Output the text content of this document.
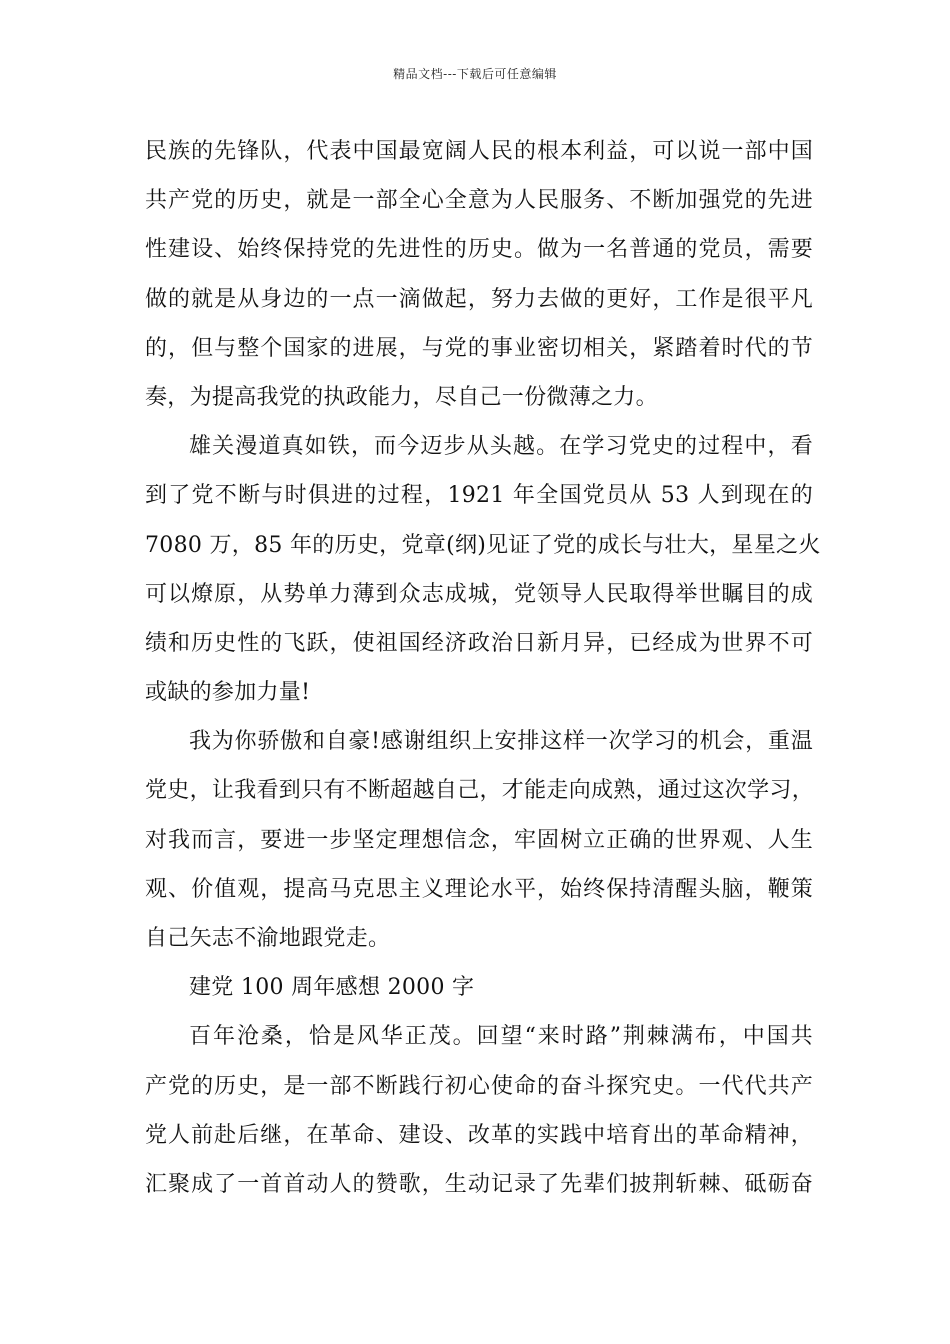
精品文档---下载后可任意编辑
民族的先锋队，代表中国最宽阔人民的根本利益，可以说一部中国
共产党的历史，就是一部全心全意为人民服务、不断加强党的先进
性建设、始终保持党的先进性的历史。做为一名普通的党员，需要
做的就是从身边的一点一滴做起，努力去做的更好，工作是很平凡
的，但与整个国家的进展，与党的事业密切相关，紧踏着时代的节
奏，为提高我党的执政能力，尽自己一份微薄之力。
雄关漫道真如铁，而今迈步从头越。在学习党史的过程中，看
到了党不断与时俱进的过程，1921 年全国党员从 53 人到现在的
7080 万，85 年的历史，党章(纲)见证了党的成长与壮大，星星之火
可以燎原，从势单力薄到众志成城，党领导人民取得举世瞩目的成
绩和历史性的飞跃，使祖国经济政治日新月异，已经成为世界不可
或缺的参加力量!
我为你骄傲和自豪!感谢组织上安排这样一次学习的机会，重温
党史，让我看到只有不断超越自己，才能走向成熟，通过这次学习，
对我而言，要进一步坚定理想信念，牢固树立正确的世界观、人生
观、价值观，提高马克思主义理论水平，始终保持清醒头脑，鞭策
自己矢志不渝地跟党走。
建党 100 周年感想 2000 字
百年沧桑，恰是风华正茂。回望“来时路”荆棘满布，中国共
产党的历史，是一部不断践行初心使命的奋斗探究史。一代代共产
党人前赴后继，在革命、建设、改革的实践中培育出的革命精神，
汇聚成了一首首动人的赞歌，生动记录了先辈们披荆斩棘、砥砺奋
